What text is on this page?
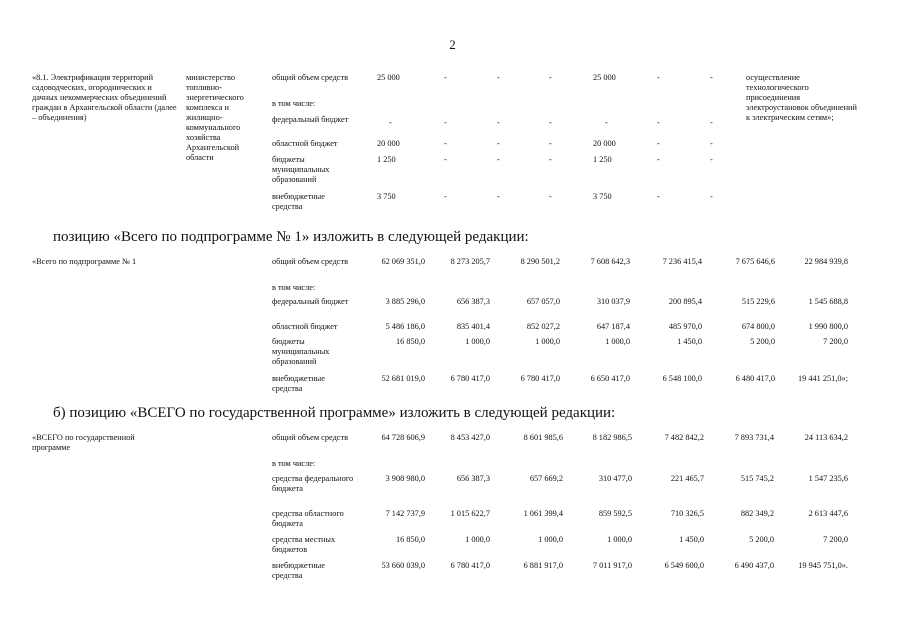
2
«8.1. Электрификация территорий садоводческих, огороднических и дачных некоммерческих объединений граждан в Архангельской области (далее – объединения)
министерство топливно-энергетического комплекса и жилищно-коммунального хозяйства Архангельской области
осуществление технологического присоединения электроустановок объединений к электрическим сетям»;
общий объем средств	25 000	-	-	-	25 000	-	-
в том числе:
федеральный бюджет	-	-	-	-	-	-	-
областной бюджет	20 000	-	-	-	20 000	-	-
бюджеты муниципальных образований
1 250	-	-	-	1 250	-	-
внебюджетные средства
3 750	-	-	-	3 750	-	-
позицию «Всего по подпрограмме № 1» изложить в следующей редакции:
«Всего по подпрограмме № 1	общий объем средств	62 069 351,0	8 273 205,7	8 290 501,2	7 608 642,3	7 236 415,4	7 675 646,6	22 984 939,8
в том числе:
федеральный бюджет	3 885 296,0	656 387,3	657 057,0	310 037,9	200 895,4	515 229,6	1 545 688,8
областной бюджет	5 486 186,0	835 401,4	852 027,2	647 187,4	485 970,0	674 800,0	1 990 800,0
бюджеты муниципальных образований
16 850,0	1 000,0	1 000,0	1 000,0	1 450,0	5 200,0	7 200,0
внебюджетные средства
52 681 019,0	6 780 417,0	6 780 417,0	6 650 417,0	6 548 100,0	6 480 417,0	19 441 251,0»;
б) позицию «ВСЕГО по государственной программе» изложить в следующей редакции:
«ВСЕГО по государственной программе
общий объем средств	64 728 606,9	8 453 427,0	8 601 985,6	8 182 986,5	7 482 842,2	7 893 731,4	24 113 634,2
в том числе:
средства федерального бюджета
3 908 980,0	656 387,3	657 669,2	310 477,0	221 465,7	515 745,2	1 547 235,6
средства областного бюджета
7 142 737,9	1 015 622,7	1 061 399,4	859 592,5	710 326,5	882 349,2	2 613 447,6
средства местных бюджетов
16 850,0	1 000,0	1 000,0	1 000,0	1 450,0	5 200,0	7 200,0
внебюджетные средства
53 660 039,0	6 780 417,0	6 881 917,0	7 011 917,0	6 549 600,0	6 490 437,0	19 945 751,0».
